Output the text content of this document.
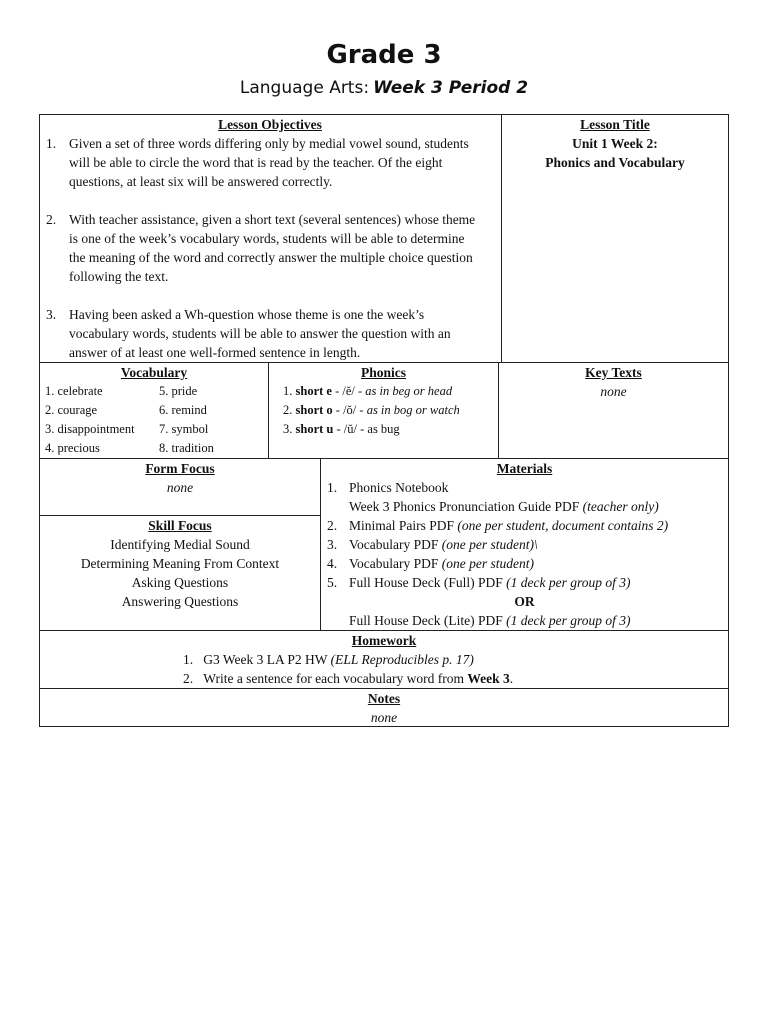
Grade 3
Language Arts: Week 3 Period 2
Lesson Objectives
1. Given a set of three words differing only by medial vowel sound, students will be able to circle the word that is read by the teacher. Of the eight questions, at least six will be answered correctly.
2. With teacher assistance, given a short text (several sentences) whose theme is one of the week’s vocabulary words, students will be able to determine the meaning of the word and correctly answer the multiple choice question following the text.
3. Having been asked a Wh-question whose theme is one the week’s vocabulary words, students will be able to answer the question with an answer of at least one well-formed sentence in length.
Lesson Title
Unit 1 Week 2:
Phonics and Vocabulary
Vocabulary
1. celebrate	5. pride
2. courage	6. remind
3. disappointment	7. symbol
4. precious	8. tradition
Phonics
1. short e - /ĕ/ - as in beg or head
2. short o - /ŏ/ - as in bog or watch
3. short u - /ŭ/ - as bug
Key Texts
none
Form Focus
none
Skill Focus
Identifying Medial Sound
Determining Meaning From Context
Asking Questions
Answering Questions
Materials
1. Phonics Notebook
Week 3 Phonics Pronunciation Guide PDF (teacher only)
2. Minimal Pairs PDF (one per student, document contains 2)
3. Vocabulary PDF (one per student)\
4. Vocabulary PDF (one per student)
5. Full House Deck (Full) PDF (1 deck per group of 3)
OR
Full House Deck (Lite) PDF (1 deck per group of 3)
Homework
1. G3 Week 3 LA P2 HW (ELL Reproducibles p. 17)
2. Write a sentence for each vocabulary word from Week 3.
Notes
none
